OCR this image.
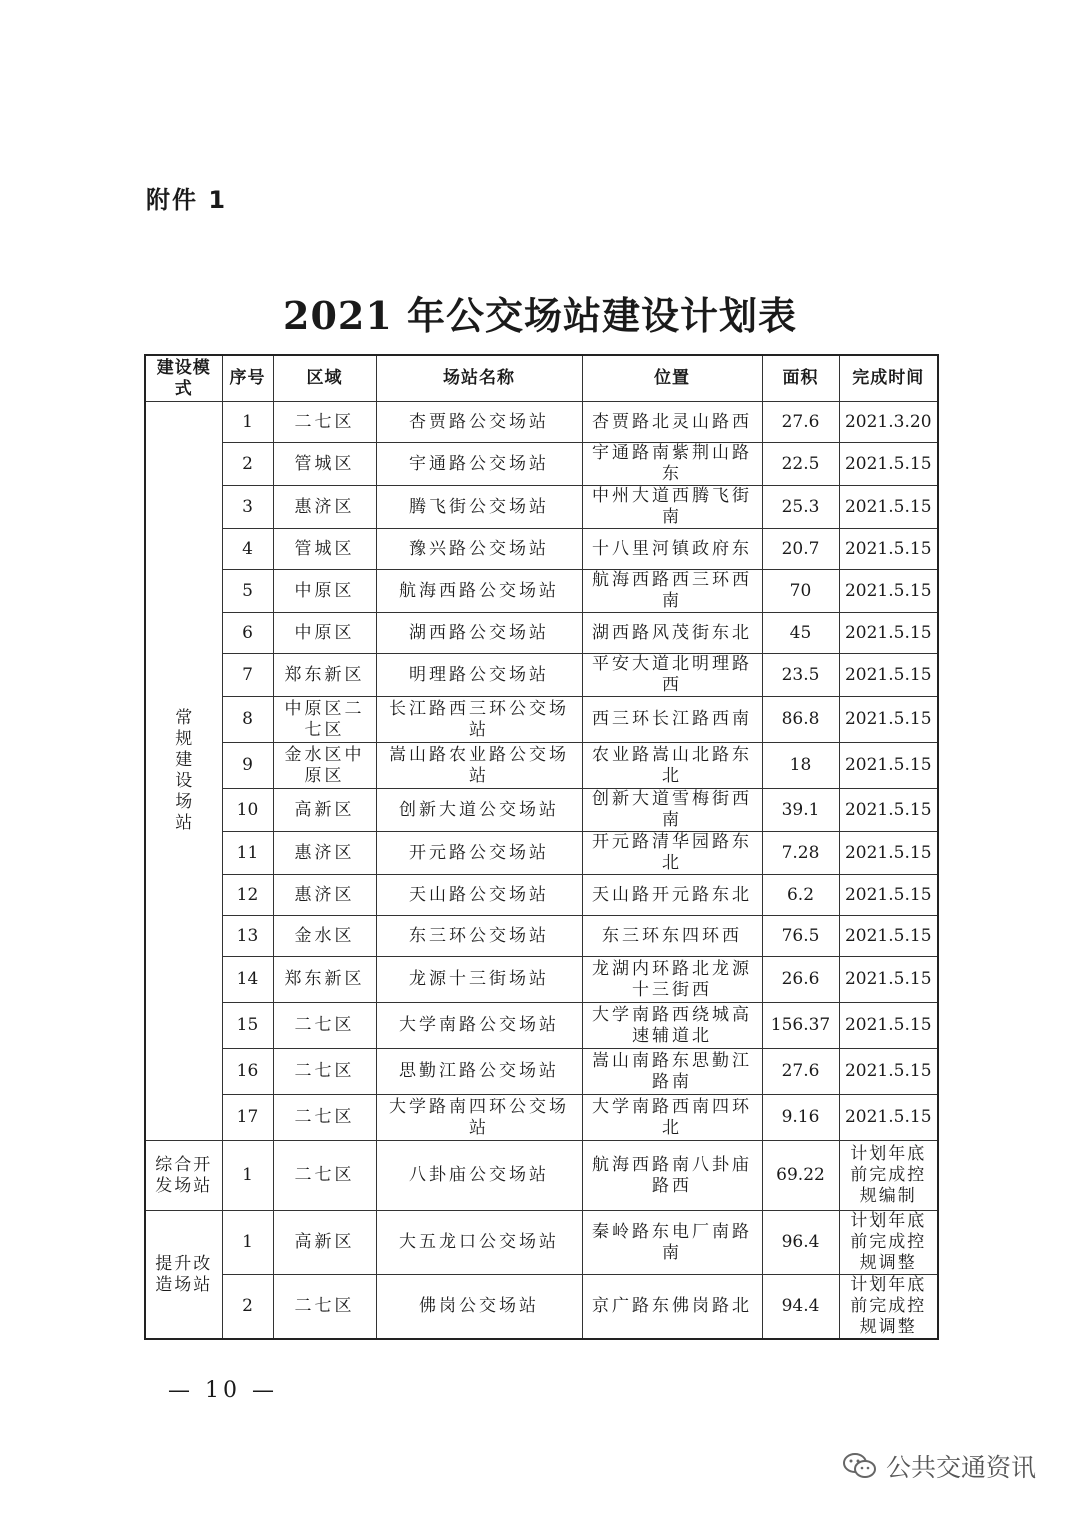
附件 1
2021 年公交场站建设计划表
建设模式	序号	区域	场站名称	位置	面积	完成时间

常规建设场站	1	二七区	杏贾路公交场站	杏贾路北灵山路西	27.6	2021.3.20
	2	管城区	宇通路公交场站	宇通路南紫荆山路东	22.5	2021.5.15
	3	惠济区	腾飞街公交场站	中州大道西腾飞街南	25.3	2021.5.15
	4	管城区	豫兴路公交场站	十八里河镇政府东	20.7	2021.5.15
	5	中原区	航海西路公交场站	航海西路西三环西南	70	2021.5.15
	6	中原区	湖西路公交场站	湖西路风茂街东北	45	2021.5.15
	7	郑东新区	明理路公交场站	平安大道北明理路西	23.5	2021.5.15
	8	中原区二七区	长江路西三环公交场站	西三环长江路西南	86.8	2021.5.15
	9	金水区中原区	嵩山路农业路公交场站	农业路嵩山北路东北	18	2021.5.15
	10	高新区	创新大道公交场站	创新大道雪梅街西南	39.1	2021.5.15
	11	惠济区	开元路公交场站	开元路清华园路东北	7.28	2021.5.15
	12	惠济区	天山路公交场站	天山路开元路东北	6.2	2021.5.15
	13	金水区	东三环公交场站	东三环东四环西	76.5	2021.5.15
	14	郑东新区	龙源十三街场站	龙湖内环路北龙源十三街西	26.6	2021.5.15
	15	二七区	大学南路公交场站	大学南路西绕城高速辅道北	156.37	2021.5.15
	16	二七区	思勤江路公交场站	嵩山南路东思勤江路南	27.6	2021.5.15
	17	二七区	大学路南四环公交场站	大学南路西南四环北	9.16	2021.5.15

综合开发场站	1	二七区	八卦庙公交场站	航海西路南八卦庙路西	69.22	计划年底前完成控规编制

提升改造场站	1	高新区	大五龙口公交场站	秦岭路东电厂南路南	96.4	计划年底前完成控规调整
	2	二七区	佛岗公交场站	京广路东佛岗路北	94.4	计划年底前完成控规调整
— 10 —
公共交通资讯
